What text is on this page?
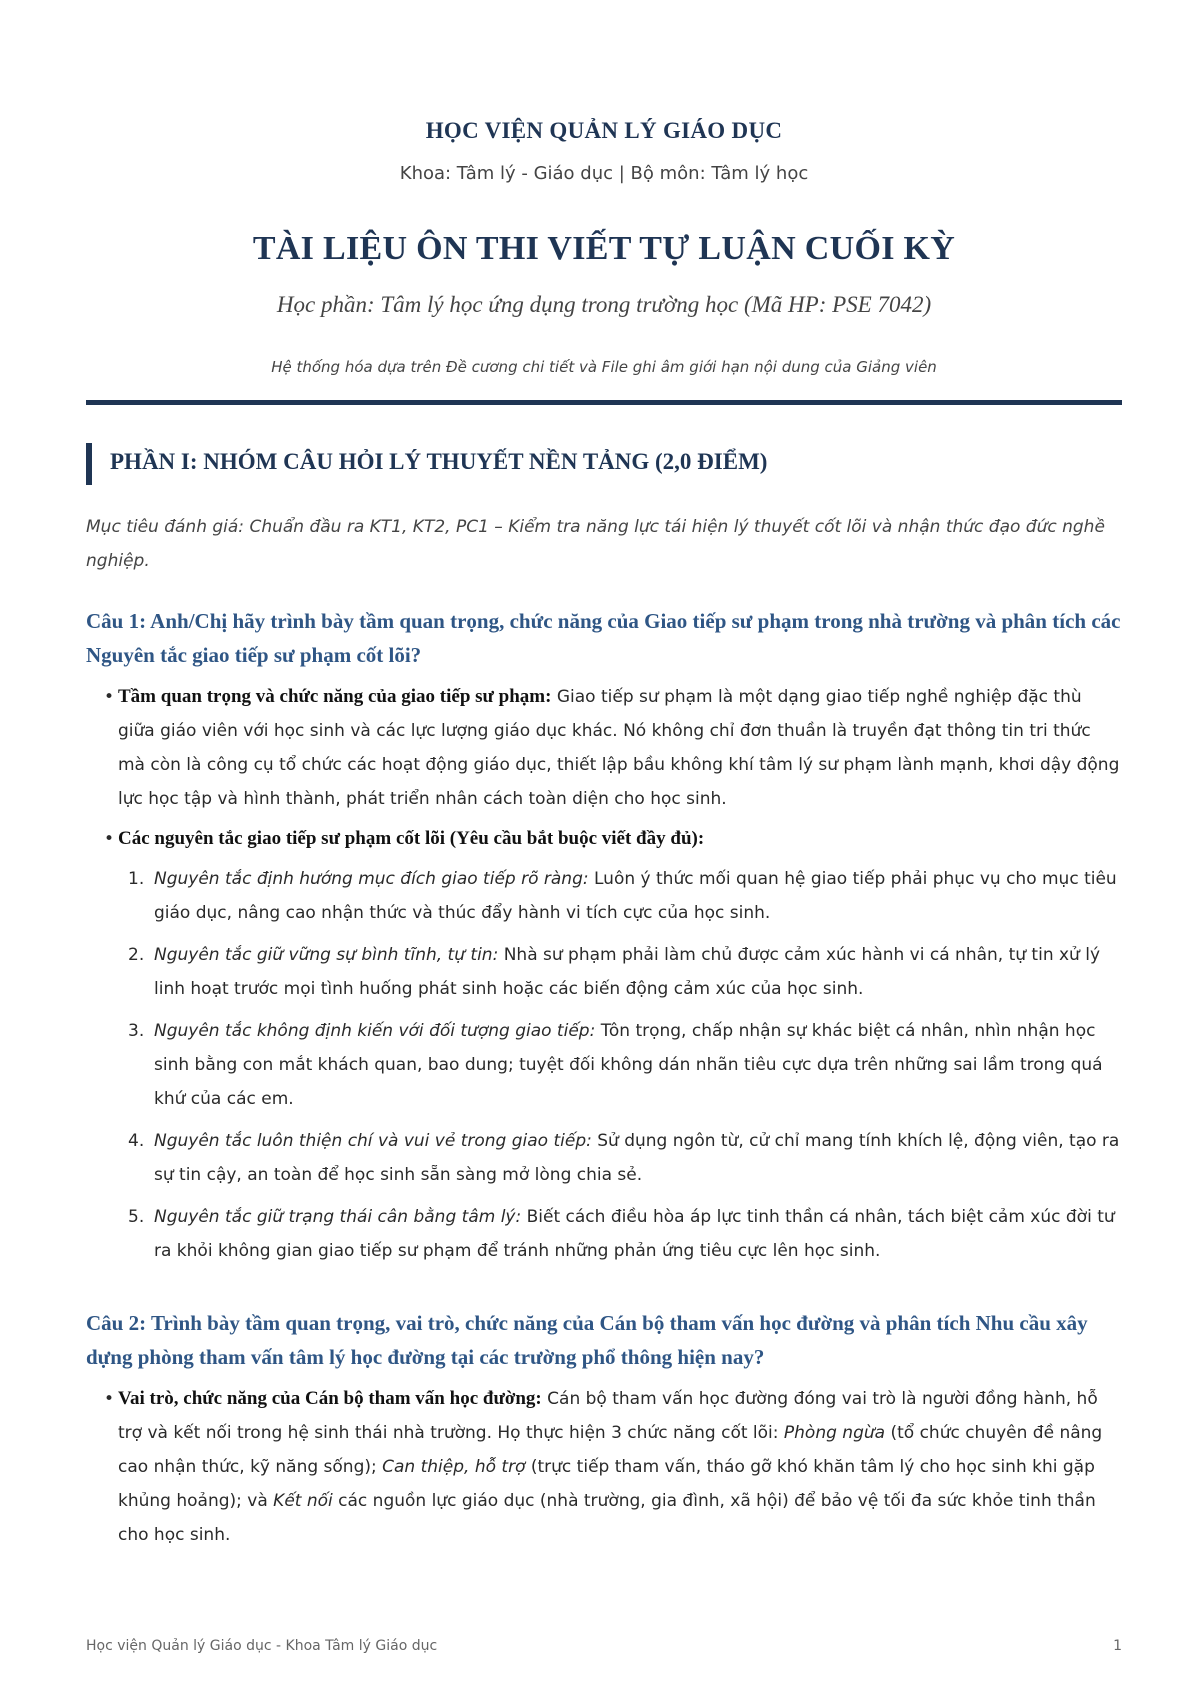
HỌC VIỆN QUẢN LÝ GIÁO DỤC
Khoa: Tâm lý - Giáo dục | Bộ môn: Tâm lý học
TÀI LIỆU ÔN THI VIẾT TỰ LUẬN CUỐI KỲ
Học phần: Tâm lý học ứng dụng trong trường học (Mã HP: PSE 7042)
Hệ thống hóa dựa trên Đề cương chi tiết và File ghi âm giới hạn nội dung của Giảng viên
PHẦN I: NHÓM CÂU HỎI LÝ THUYẾT NỀN TẢNG (2,0 ĐIỂM)
Mục tiêu đánh giá: Chuẩn đầu ra KT1, KT2, PC1 – Kiểm tra năng lực tái hiện lý thuyết cốt lõi và nhận thức đạo đức nghề nghiệp.
Câu 1: Anh/Chị hãy trình bày tầm quan trọng, chức năng của Giao tiếp sư phạm trong nhà trường và phân tích các Nguyên tắc giao tiếp sư phạm cốt lõi?
• Tầm quan trọng và chức năng của giao tiếp sư phạm: Giao tiếp sư phạm là một dạng giao tiếp nghề nghiệp đặc thù giữa giáo viên với học sinh và các lực lượng giáo dục khác. Nó không chỉ đơn thuần là truyền đạt thông tin tri thức mà còn là công cụ tổ chức các hoạt động giáo dục, thiết lập bầu không khí tâm lý sư phạm lành mạnh, khơi dậy động lực học tập và hình thành, phát triển nhân cách toàn diện cho học sinh.
• Các nguyên tắc giao tiếp sư phạm cốt lõi (Yêu cầu bắt buộc viết đầy đủ):
1. Nguyên tắc định hướng mục đích giao tiếp rõ ràng: Luôn ý thức mối quan hệ giao tiếp phải phục vụ cho mục tiêu giáo dục, nâng cao nhận thức và thúc đẩy hành vi tích cực của học sinh.
2. Nguyên tắc giữ vững sự bình tĩnh, tự tin: Nhà sư phạm phải làm chủ được cảm xúc hành vi cá nhân, tự tin xử lý linh hoạt trước mọi tình huống phát sinh hoặc các biến động cảm xúc của học sinh.
3. Nguyên tắc không định kiến với đối tượng giao tiếp: Tôn trọng, chấp nhận sự khác biệt cá nhân, nhìn nhận học sinh bằng con mắt khách quan, bao dung; tuyệt đối không dán nhãn tiêu cực dựa trên những sai lầm trong quá khứ của các em.
4. Nguyên tắc luôn thiện chí và vui vẻ trong giao tiếp: Sử dụng ngôn từ, cử chỉ mang tính khích lệ, động viên, tạo ra sự tin cậy, an toàn để học sinh sẵn sàng mở lòng chia sẻ.
5. Nguyên tắc giữ trạng thái cân bằng tâm lý: Biết cách điều hòa áp lực tinh thần cá nhân, tách biệt cảm xúc đời tư ra khỏi không gian giao tiếp sư phạm để tránh những phản ứng tiêu cực lên học sinh.
Câu 2: Trình bày tầm quan trọng, vai trò, chức năng của Cán bộ tham vấn học đường và phân tích Nhu cầu xây dựng phòng tham vấn tâm lý học đường tại các trường phổ thông hiện nay?
• Vai trò, chức năng của Cán bộ tham vấn học đường: Cán bộ tham vấn học đường đóng vai trò là người đồng hành, hỗ trợ và kết nối trong hệ sinh thái nhà trường. Họ thực hiện 3 chức năng cốt lõi: Phòng ngừa (tổ chức chuyên đề nâng cao nhận thức, kỹ năng sống); Can thiệp, hỗ trợ (trực tiếp tham vấn, tháo gỡ khó khăn tâm lý cho học sinh khi gặp khủng hoảng); và Kết nối các nguồn lực giáo dục (nhà trường, gia đình, xã hội) để bảo vệ tối đa sức khỏe tinh thần cho học sinh.
Học viện Quản lý Giáo dục - Khoa Tâm lý Giáo dục	1
